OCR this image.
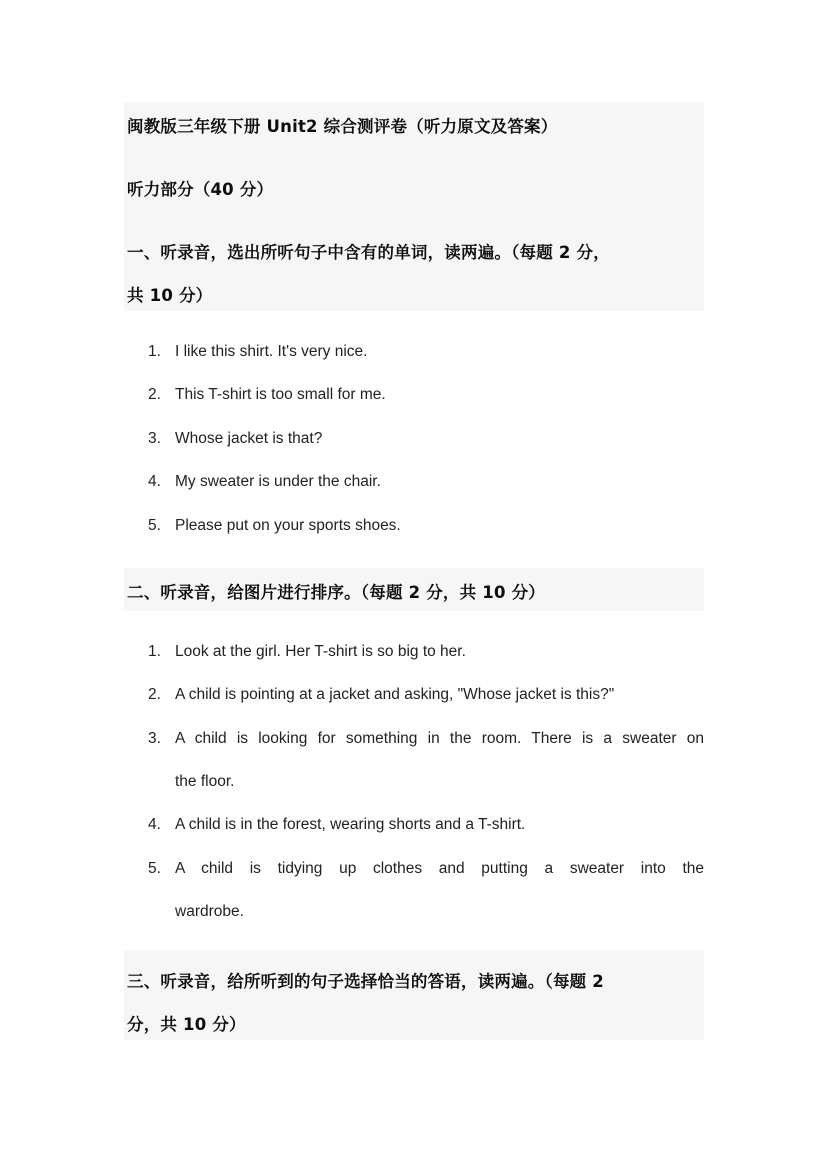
闽教版三年级下册 Unit2 综合测评卷（听力原文及答案）
听力部分（40 分）
一、听录音，选出所听句子中含有的单词，读两遍。（每题 2 分，
共 10 分）
1. I like this shirt. It's very nice.
2. This T-shirt is too small for me.
3. Whose jacket is that?
4. My sweater is under the chair.
5. Please put on your sports shoes.
二、听录音，给图片进行排序。（每题 2 分，共 10 分）
1. Look at the girl. Her T-shirt is so big to her.
2. A child is pointing at a jacket and asking, "Whose jacket is this?"
3. A child is looking for something in the room. There is a sweater on
the floor.
4. A child is in the forest, wearing shorts and a T-shirt.
5. A child is tidying up clothes and putting a sweater into the
wardrobe.
三、听录音，给所听到的句子选择恰当的答语，读两遍。（每题 2
分，共 10 分）
